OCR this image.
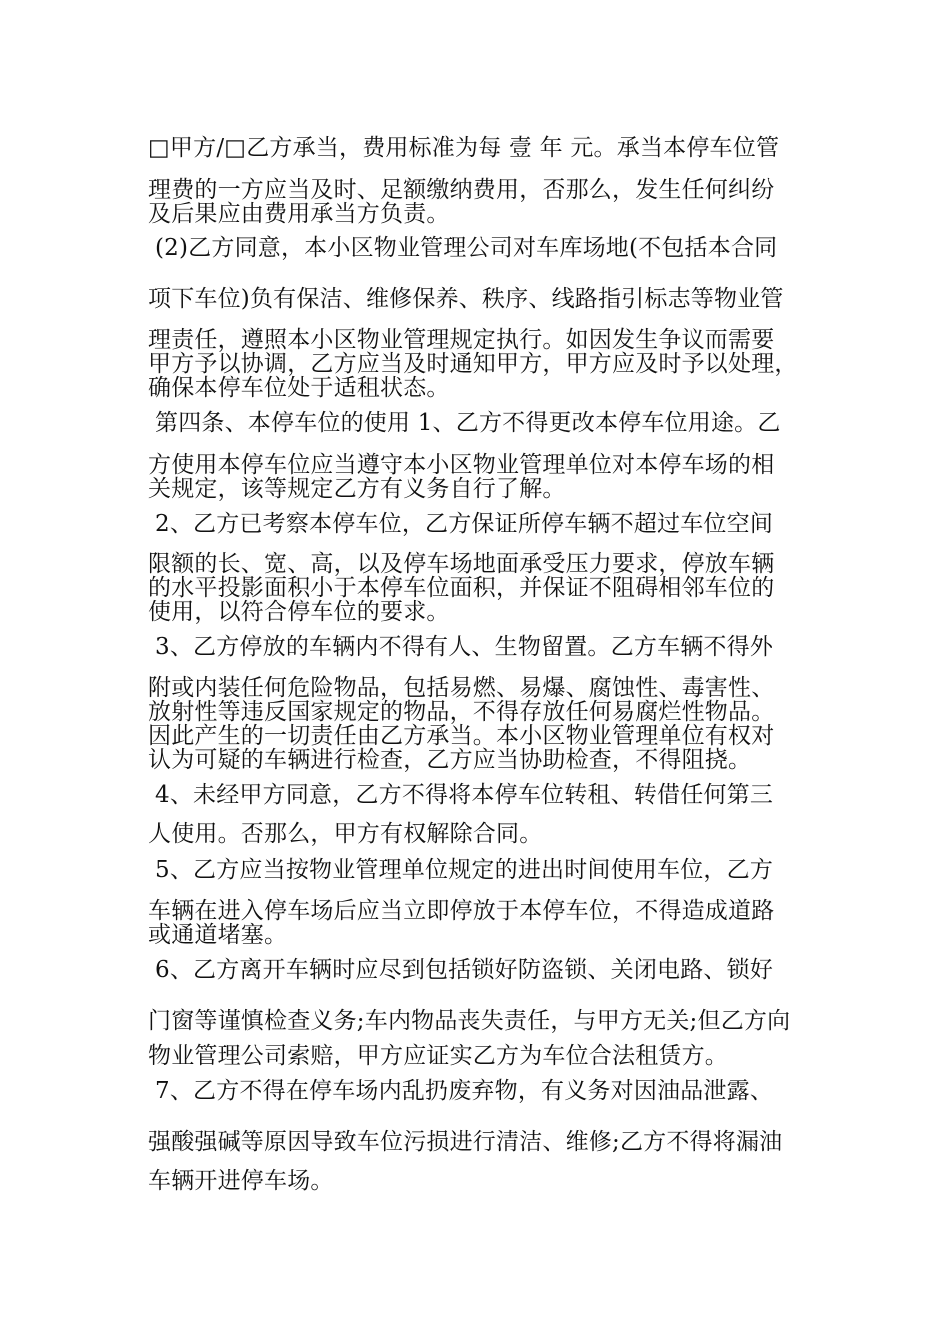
□甲方/□乙方承当，费用标准为每 壹 年 元。承当本停车位管
理费的一方应当及时、足额缴纳费用，否那么，发生任何纠纷
及后果应由费用承当方负责。
(2)乙方同意，本小区物业管理公司对车库场地(不包括本合同
项下车位)负有保洁、维修保养、秩序、线路指引标志等物业管
理责任，遵照本小区物业管理规定执行。如因发生争议而需要
甲方予以协调，乙方应当及时通知甲方，甲方应及时予以处理，
确保本停车位处于适租状态。
第四条、本停车位的使用 1、乙方不得更改本停车位用途。乙
方使用本停车位应当遵守本小区物业管理单位对本停车场的相
关规定，该等规定乙方有义务自行了解。
2、乙方已考察本停车位，乙方保证所停车辆不超过车位空间
限额的长、宽、高，以及停车场地面承受压力要求，停放车辆
的水平投影面积小于本停车位面积，并保证不阻碍相邻车位的
使用，以符合停车位的要求。
3、乙方停放的车辆内不得有人、生物留置。乙方车辆不得外
附或内装任何危险物品，包括易燃、易爆、腐蚀性、毒害性、
放射性等违反国家规定的物品，不得存放任何易腐烂性物品。
因此产生的一切责任由乙方承当。本小区物业管理单位有权对
认为可疑的车辆进行检查，乙方应当协助检查，不得阻挠。
4、未经甲方同意，乙方不得将本停车位转租、转借任何第三
人使用。否那么，甲方有权解除合同。
5、乙方应当按物业管理单位规定的进出时间使用车位，乙方
车辆在进入停车场后应当立即停放于本停车位，不得造成道路
或通道堵塞。
6、乙方离开车辆时应尽到包括锁好防盗锁、关闭电路、锁好
门窗等谨慎检查义务;车内物品丧失责任，与甲方无关;但乙方向
物业管理公司索赔，甲方应证实乙方为车位合法租赁方。
7、乙方不得在停车场内乱扔废弃物，有义务对因油品泄露、
强酸强碱等原因导致车位污损进行清洁、维修;乙方不得将漏油
车辆开进停车场。
